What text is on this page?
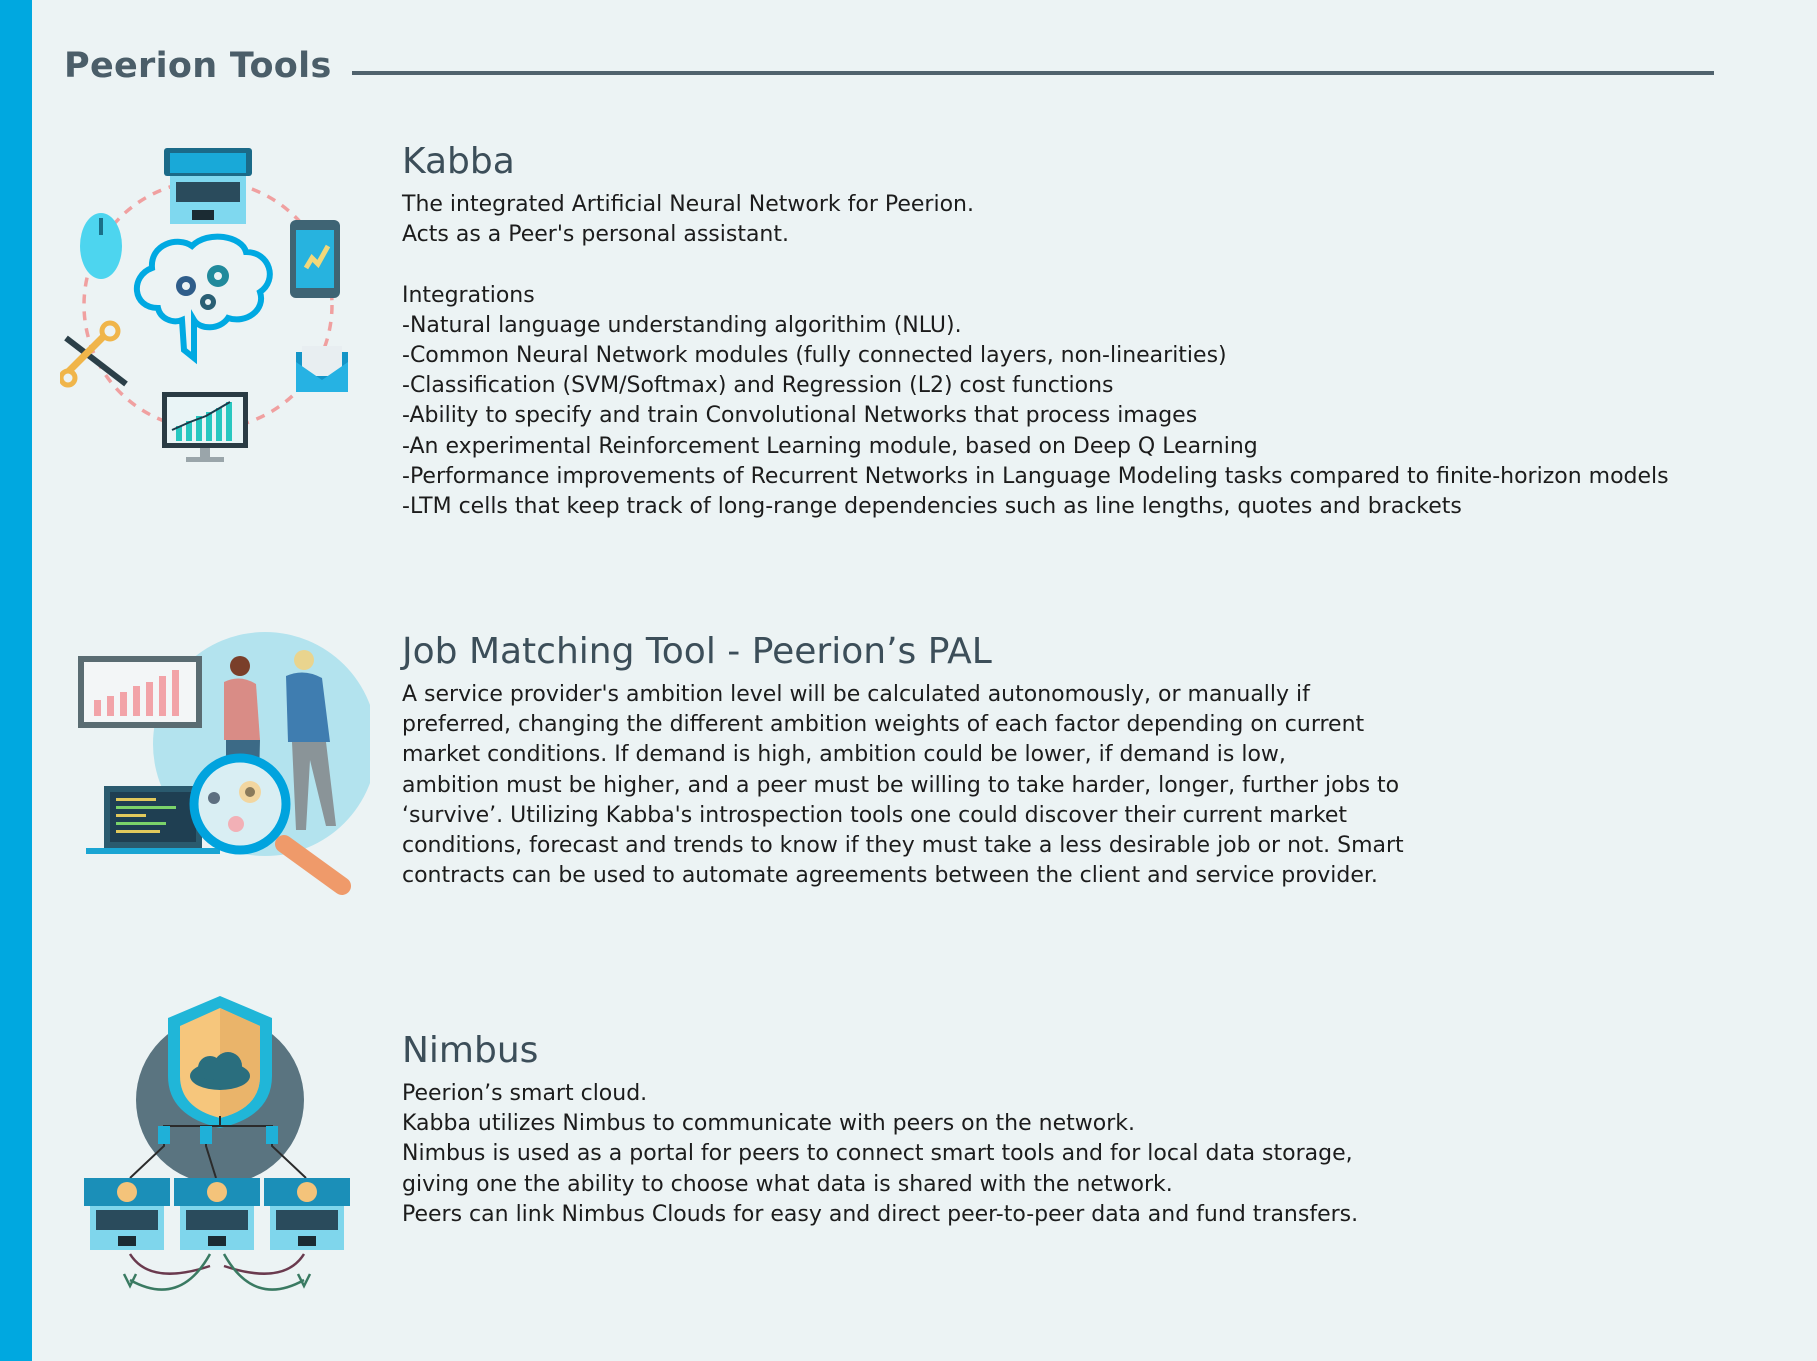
Peerion Tools
Kabba
The integrated Artificial Neural Network for Peerion.
Acts as a Peer's personal assistant.
Integrations
-Natural language understanding algorithim (NLU).
-Common Neural Network modules (fully connected layers, non-linearities)
-Classification (SVM/Softmax) and Regression (L2) cost functions
-Ability to specify and train Convolutional Networks that process images
-An experimental Reinforcement Learning module, based on Deep Q Learning
-Performance improvements of Recurrent Networks in Language Modeling tasks compared to finite-horizon models
-LTM cells that keep track of long-range dependencies such as line lengths, quotes and brackets
Job Matching Tool - Peerion’s PAL
A service provider's ambition level will be calculated autonomously, or manually if
preferred, changing the different ambition weights of each factor depending on current
market conditions. If demand is high, ambition could be lower, if demand is low,
ambition must be higher, and a peer must be willing to take harder, longer, further jobs to
‘survive’. Utilizing Kabba's introspection tools one could discover their current market
conditions, forecast and trends to know if they must take a less desirable job or not. Smart
contracts can be used to automate agreements between the client and service provider.
Nimbus
Peerion’s smart cloud.
Kabba utilizes Nimbus to communicate with peers on the network.
Nimbus is used as a portal for peers to connect smart tools and for local data storage,
giving one the ability to choose what data is shared with the network.
Peers can link Nimbus Clouds for easy and direct peer-to-peer data and fund transfers.
